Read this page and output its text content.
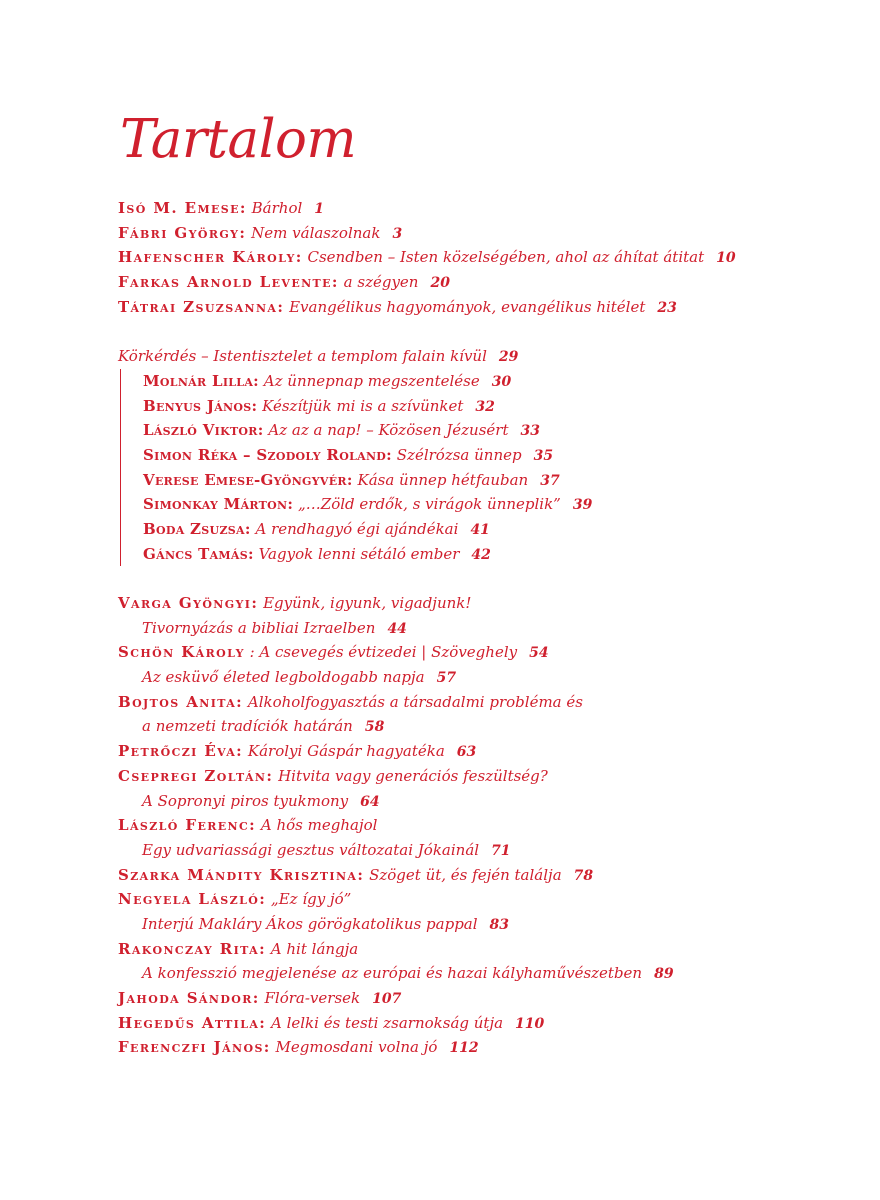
Tartalom
Isó M. Emese: Bárhol 1
Fábri György: Nem válaszolnak 3
Hafenscher Károly: Csendben – Isten közelségében, ahol az áhítat átitat 10
Farkas Arnold Levente: a szégyen 20
Tátrai Zsuzsanna: Evangélikus hagyományok, evangélikus hitélet 23
Körkérdés – Istentisztelet a templom falain kívül 29
Molnár Lilla: Az ünnepnap megszentelése 30
Benyus János: Készítjük mi is a szívünket 32
László Viktor: Az az a nap! – Közösen Jézusért 33
Simon Réka – Szodoly Roland: Szélrózsa ünnep 35
Verese Emese-Gyöngyvér: Kása ünnep hétfauban 37
Simonkay Márton: „…Zöld erdők, s virágok ünneplik” 39
Boda Zsuzsa: A rendhagyó égi ajándékai 41
Gáncs Tamás: Vagyok lenni sétáló ember 42
Varga Gyöngyi: Együnk, igyunk, vigadjunk!
Tivornyázás a bibliai Izraelben 44
Schön Károly : A csevegés évtizedei | Szöveghely 54
Az esküvő életed legboldogabb napja 57
Bojtos Anita: Alkoholfogyasztás a társadalmi probléma és
a nemzeti tradíciók határán 58
Petrőczi Éva: Károlyi Gáspár hagyatéka 63
Csepregi Zoltán: Hitvita vagy generációs feszültség?
A Sopronyi piros tyukmony 64
László Ferenc: A hős meghajol
Egy udvariassági gesztus változatai Jókainál 71
Szarka Mándity Krisztina: Szöget üt, és fején találja 78
Negyela László: „Ez így jó”
Interjú Makláry Ákos görögkatolikus pappal 83
Rakonczay Rita: A hit lángja
A konfesszió megjelenése az európai és hazai kályhaművészetben 89
Jahoda Sándor: Flóra-versek 107
Hegedűs Attila: A lelki és testi zsarnokság útja 110
Ferenczfi János: Megmosdani volna jó 112
